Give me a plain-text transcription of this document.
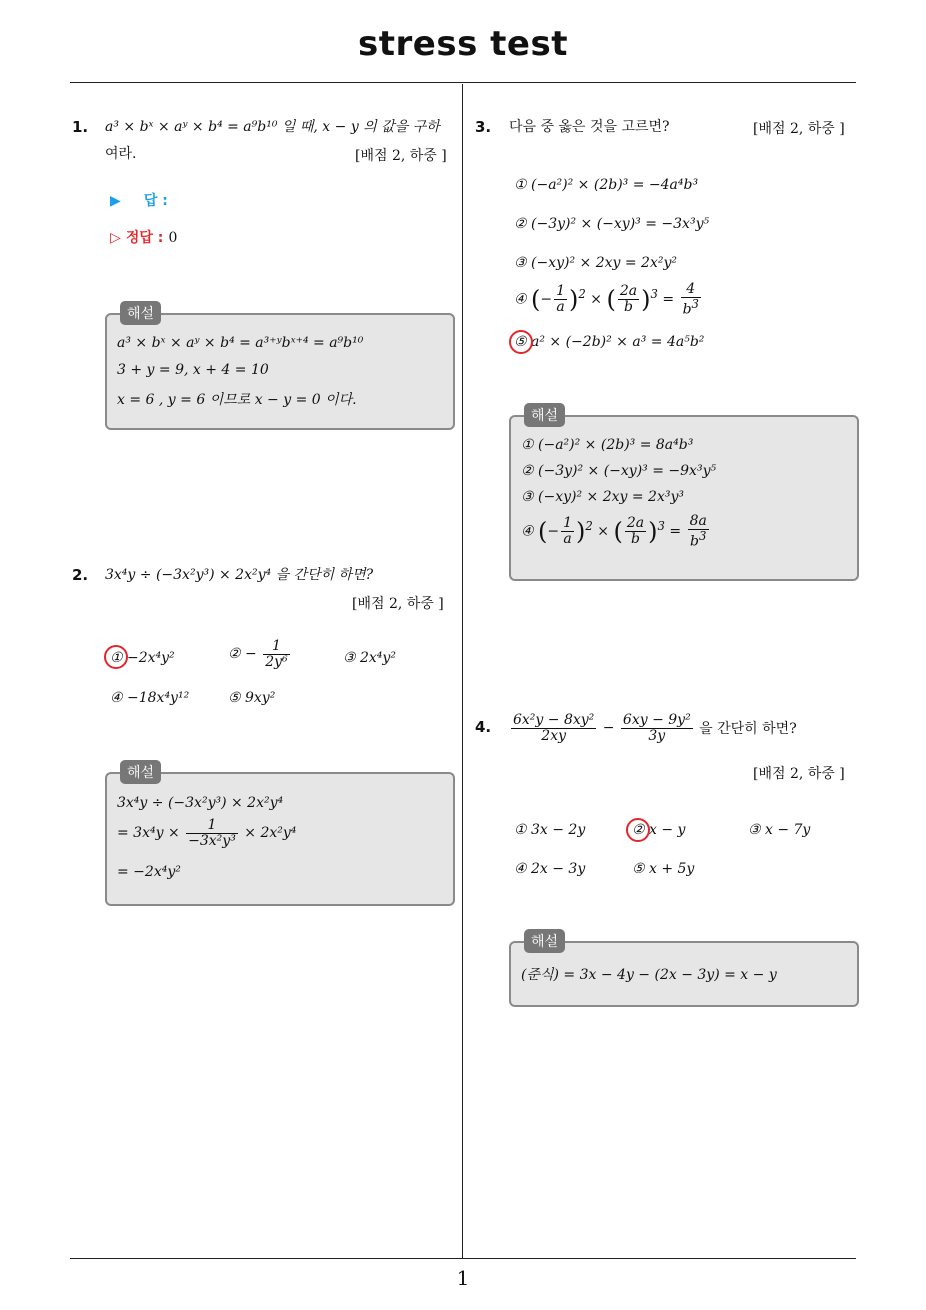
stress test
1
1. a³ × bˣ × aʸ × b⁴ = a⁹b¹⁰ 일 때, x − y 의 값을 구하
여라.	[배점 2, 하중 ]
▶ 답 :
▷ 정답 : 0
해설
a³ × bˣ × aʸ × b⁴ = a³⁺ʸbˣ⁺⁴ = a⁹b¹⁰
3 + y = 9, x + 4 = 10
x = 6 , y = 6 이므로 x − y = 0 이다.
2. 3x⁴y ÷ (−3x²y³) × 2x²y⁴ 을 간단히 하면?
[배점 2, 하중 ]
① −2x⁴y²	② − $\frac{1}{\text{2y⁶}}$	③ 2x⁴y²
④ −18x⁴y¹²	⑤ 9xy²
해설
3x⁴y ÷ (−3x²y³) × 2x²y⁴
= $3x^4y \times \frac{1}{\text{−3x²y³}} \times 2x^2y^4$
= −2x⁴y²
3. 다음 중 옳은 것을 고르면?	[배점 2, 하중 ]
① (−a²)² × (2b)³ = −4a⁴b³
② (−3y)² × (−xy)³ = −3x³y⁵
③ (−xy)² × 2xy = 2x²y²
④ (− $\frac{1}{a} )^2$ × ( $\frac{2a}{b} )^3 = \frac{4}{b^3}$
⑤ a² × (−2b)² × a³ = 4a⁵b²
해설
① (−a²)² × (2b)³ = 8a⁴b³
② (−3y)² × (−xy)³ = −9x³y⁵
③ (−xy)² × 2xy = 2x³y³
④ (− $\frac{1}{a} )^2$ × ( $\frac{2a}{b} )^3 = \frac{8a}{b^3}$
4. $\frac{\text{6x²y − 8xy²}}{2xy} - \frac{\text{6xy − 9y²}}{3y}$ 을 간단히 하면?
[배점 2, 하중 ]
① 3x − 2y	② x − y	③ x − 7y
④ 2x − 3y	⑤ x + 5y
해설
(준식) = 3x − 4y − (2x − 3y) = x − y
